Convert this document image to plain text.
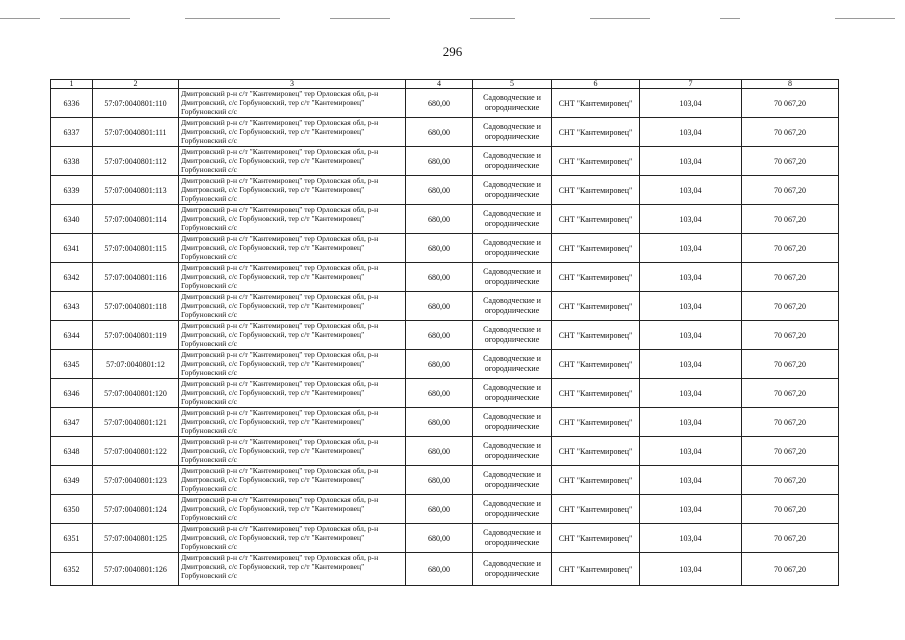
296
1	2	3	4	5	6	7	8
6336	57:07:0040801:110	Дмитровский р-н с/т "Кантемировец" тер Орловская обл, р-н
Дмитровский, с/с Горбуновский, тер с/т "Кантемировец"
Горбуновский с/с	680,00	Садоводческие и
огороднические	СНТ "Кантемировец"	103,04	70 067,20
6337	57:07:0040801:111	Дмитровский р-н с/т "Кантемировец" тер Орловская обл, р-н
Дмитровский, с/с Горбуновский, тер с/т "Кантемировец"
Горбуновский с/с	680,00	Садоводческие и
огороднические	СНТ "Кантемировец"	103,04	70 067,20
6338	57:07:0040801:112	Дмитровский р-н с/т "Кантемировец" тер Орловская обл, р-н
Дмитровский, с/с Горбуновский, тер с/т "Кантемировец"
Горбуновский с/с	680,00	Садоводческие и
огороднические	СНТ "Кантемировец"	103,04	70 067,20
6339	57:07:0040801:113	Дмитровский р-н с/т "Кантемировец" тер Орловская обл, р-н
Дмитровский, с/с Горбуновский, тер с/т "Кантемировец"
Горбуновский с/с	680,00	Садоводческие и
огороднические	СНТ "Кантемировец"	103,04	70 067,20
6340	57:07:0040801:114	Дмитровский р-н с/т "Кантемировец" тер Орловская обл, р-н
Дмитровский, с/с Горбуновский, тер с/т "Кантемировец"
Горбуновский с/с	680,00	Садоводческие и
огороднические	СНТ "Кантемировец"	103,04	70 067,20
6341	57:07:0040801:115	Дмитровский р-н с/т "Кантемировец" тер Орловская обл, р-н
Дмитровский, с/с Горбуновский, тер с/т "Кантемировец"
Горбуновский с/с	680,00	Садоводческие и
огороднические	СНТ "Кантемировец"	103,04	70 067,20
6342	57:07:0040801:116	Дмитровский р-н с/т "Кантемировец" тер Орловская обл, р-н
Дмитровский, с/с Горбуновский, тер с/т "Кантемировец"
Горбуновский с/с	680,00	Садоводческие и
огороднические	СНТ "Кантемировец"	103,04	70 067,20
6343	57:07:0040801:118	Дмитровский р-н с/т "Кантемировец" тер Орловская обл, р-н
Дмитровский, с/с Горбуновский, тер с/т "Кантемировец"
Горбуновский с/с	680,00	Садоводческие и
огороднические	СНТ "Кантемировец"	103,04	70 067,20
6344	57:07:0040801:119	Дмитровский р-н с/т "Кантемировец" тер Орловская обл, р-н
Дмитровский, с/с Горбуновский, тер с/т "Кантемировец"
Горбуновский с/с	680,00	Садоводческие и
огороднические	СНТ "Кантемировец"	103,04	70 067,20
6345	57:07:0040801:12	Дмитровский р-н с/т "Кантемировец" тер Орловская обл, р-н
Дмитровский, с/с Горбуновский, тер с/т "Кантемировец"
Горбуновский с/с	680,00	Садоводческие и
огороднические	СНТ "Кантемировец"	103,04	70 067,20
6346	57:07:0040801:120	Дмитровский р-н с/т "Кантемировец" тер Орловская обл, р-н
Дмитровский, с/с Горбуновский, тер с/т "Кантемировец"
Горбуновский с/с	680,00	Садоводческие и
огороднические	СНТ "Кантемировец"	103,04	70 067,20
6347	57:07:0040801:121	Дмитровский р-н с/т "Кантемировец" тер Орловская обл, р-н
Дмитровский, с/с Горбуновский, тер с/т "Кантемировец"
Горбуновский с/с	680,00	Садоводческие и
огороднические	СНТ "Кантемировец"	103,04	70 067,20
6348	57:07:0040801:122	Дмитровский р-н с/т "Кантемировец" тер Орловская обл, р-н
Дмитровский, с/с Горбуновский, тер с/т "Кантемировец"
Горбуновский с/с	680,00	Садоводческие и
огороднические	СНТ "Кантемировец"	103,04	70 067,20
6349	57:07:0040801:123	Дмитровский р-н с/т "Кантемировец" тер Орловская обл, р-н
Дмитровский, с/с Горбуновский, тер с/т "Кантемировец"
Горбуновский с/с	680,00	Садоводческие и
огороднические	СНТ "Кантемировец"	103,04	70 067,20
6350	57:07:0040801:124	Дмитровский р-н с/т "Кантемировец" тер Орловская обл, р-н
Дмитровский, с/с Горбуновский, тер с/т "Кантемировец"
Горбуновский с/с	680,00	Садоводческие и
огороднические	СНТ "Кантемировец"	103,04	70 067,20
6351	57:07:0040801:125	Дмитровский р-н с/т "Кантемировец" тер Орловская обл, р-н
Дмитровский, с/с Горбуновский, тер с/т "Кантемировец"
Горбуновский с/с	680,00	Садоводческие и
огороднические	СНТ "Кантемировец"	103,04	70 067,20
6352	57:07:0040801:126	Дмитровский р-н с/т "Кантемировец" тер Орловская обл, р-н
Дмитровский, с/с Горбуновский, тер с/т "Кантемировец"
Горбуновский с/с	680,00	Садоводческие и
огороднические	СНТ "Кантемировец"	103,04	70 067,20
